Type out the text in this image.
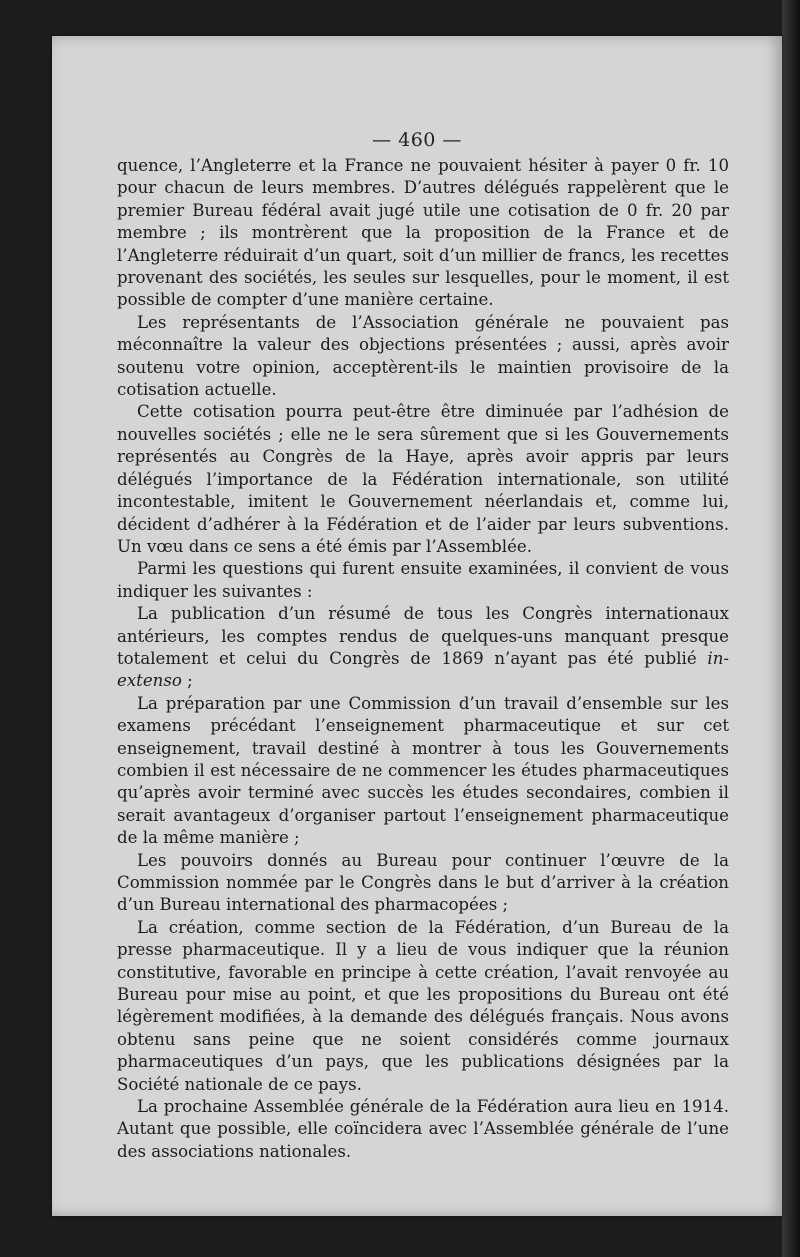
— 460 —

quence, l’Angleterre et la France ne pouvaient hésiter à payer 0 fr. 10 pour chacun de leurs membres. D’autres délégués rappelèrent que le premier Bureau fédéral avait jugé utile une cotisation de 0 fr. 20 par membre ; ils montrèrent que la proposition de la France et de l’Angleterre réduirait d’un quart, soit d’un millier de francs, les recettes provenant des sociétés, les seules sur lesquelles, pour le moment, il est possible de compter d’une manière certaine.

Les représentants de l’Association générale ne pouvaient pas méconnaître la valeur des objections présentées ; aussi, après avoir soutenu votre opinion, acceptèrent-ils le maintien provisoire de la cotisation actuelle.

Cette cotisation pourra peut-être être diminuée par l’adhésion de nouvelles sociétés ; elle ne le sera sûrement que si les Gouvernements représentés au Congrès de la Haye, après avoir appris par leurs délégués l’importance de la Fédération internationale, son utilité incontestable, imitent le Gouvernement néerlandais et, comme lui, décident d’adhérer à la Fédération et de l’aider par leurs subventions. Un vœu dans ce sens a été émis par l’Assemblée.

Parmi les questions qui furent ensuite examinées, il convient de vous indiquer les suivantes :

La publication d’un résumé de tous les Congrès internationaux antérieurs, les comptes rendus de quelques-uns manquant presque totalement et celui du Congrès de 1869 n’ayant pas été publié in-extenso ;

La préparation par une Commission d’un travail d’ensemble sur les examens précédant l’enseignement pharmaceutique et sur cet enseignement, travail destiné à montrer à tous les Gouvernements combien il est nécessaire de ne commencer les études pharmaceutiques qu’après avoir terminé avec succès les études secondaires, combien il serait avantageux d’organiser partout l’enseignement pharmaceutique de la même manière ;

Les pouvoirs donnés au Bureau pour continuer l’œuvre de la Commission nommée par le Congrès dans le but d’arriver à la création d’un Bureau international des pharmacopées ;

La création, comme section de la Fédération, d’un Bureau de la presse pharmaceutique. Il y a lieu de vous indiquer que la réunion constitutive, favorable en principe à cette création, l’avait renvoyée au Bureau pour mise au point, et que les propositions du Bureau ont été légèrement modifiées, à la demande des délégués français. Nous avons obtenu sans peine que ne soient considérés comme journaux pharmaceutiques d’un pays, que les publications désignées par la Société nationale de ce pays.

La prochaine Assemblée générale de la Fédération aura lieu en 1914. Autant que possible, elle coïncidera avec l’Assemblée générale de l’une des associations nationales.
